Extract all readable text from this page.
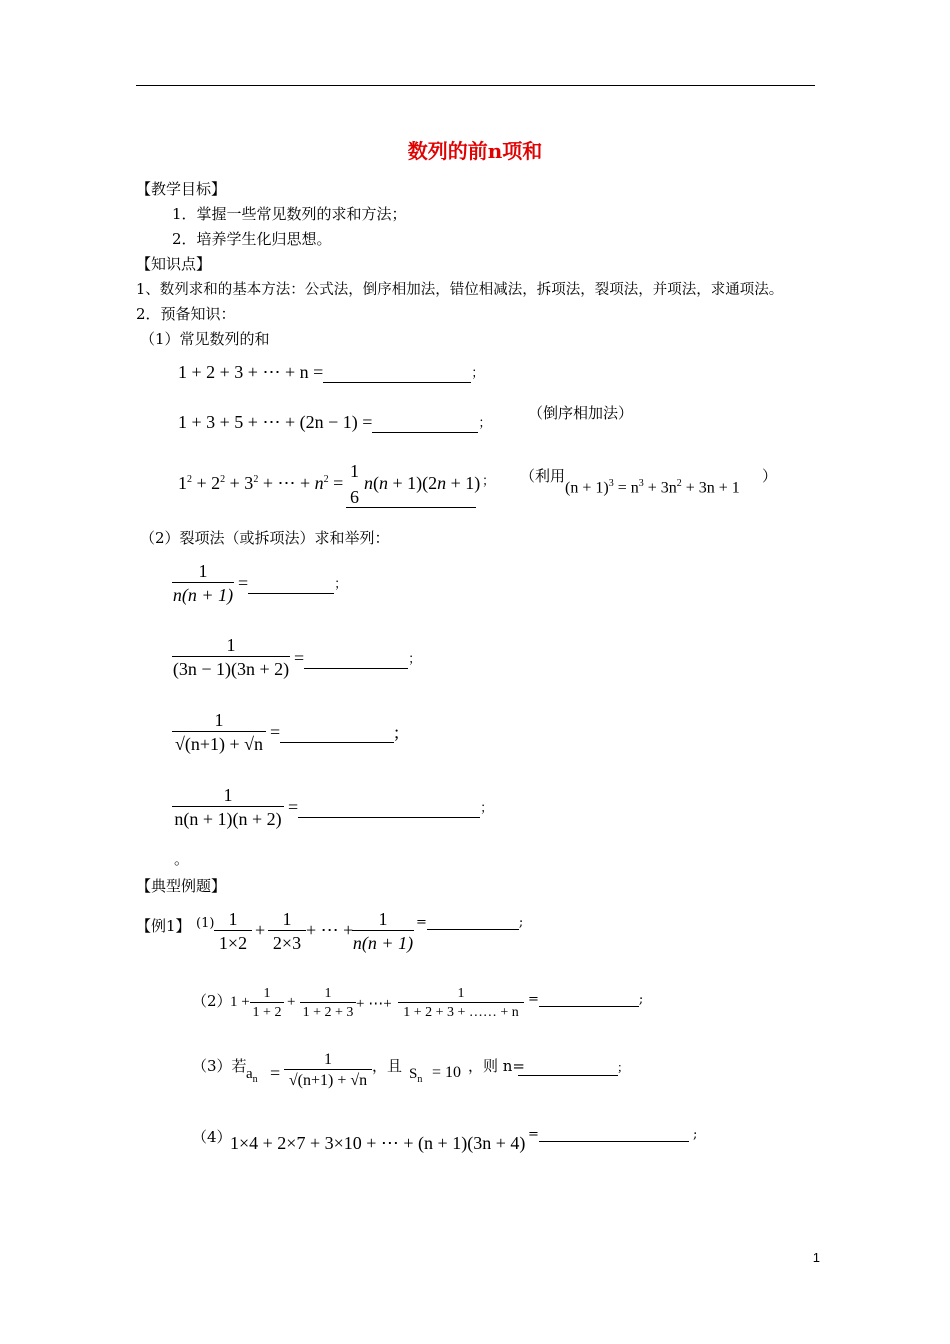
数列的前n项和
【教学目标】
1．掌握一些常见数列的求和方法；
2．培养学生化归思想。
【知识点】
1、数列求和的基本方法：公式法，倒序相加法，错位相减法，拆项法，裂项法，并项法，求通项法。
2．预备知识：
（1）常见数列的和
1 + 2 + 3 + ⋯ + n =	；
1 + 3 + 5 + ⋯ + (2n − 1) =	；
（倒序相加法）
$1^2 + 2^2 + 3^2$ + ⋯ + $n^2$ =
1
6
n(n + 1)(2n + 1) ； （利用
$(n + 1)^3 = n^3 + 3n^2 + 3n + 1$
）
（2）裂项法（或拆项法）求和举列：
$\frac{1}{n(n + 1)}$ =	；
$\frac{1}{(3n - 1)(3n + 2)}$ =	；
$\frac{1}{√(n+1) + √n}$ =	;
$\frac{1}{n(n + 1)(n + 2)}$ =	；
。
【典型例题】
【例1】 $(1) \frac{1}{1\times 2} + \frac{1}{2\times 3}$ + ⋯ +
$\frac{1}{n(n + 1)}$ =	;
（2）
$1 + \frac{1}{1 + 2} + \frac{1}{1 + 2 + 3}$ + ⋯+ $\frac{1}{1 + 2 + 3 + \dots\dots + n}$ =	;
（3）若 $a_n = \frac{1}{√(n+1) + √n}$ ，且 $S_n = 10$ ，则 n=	;
（4）
1×4 + 2×7 + 3×10 + ⋯ + (n + 1)(3n + 4) =	;
1
